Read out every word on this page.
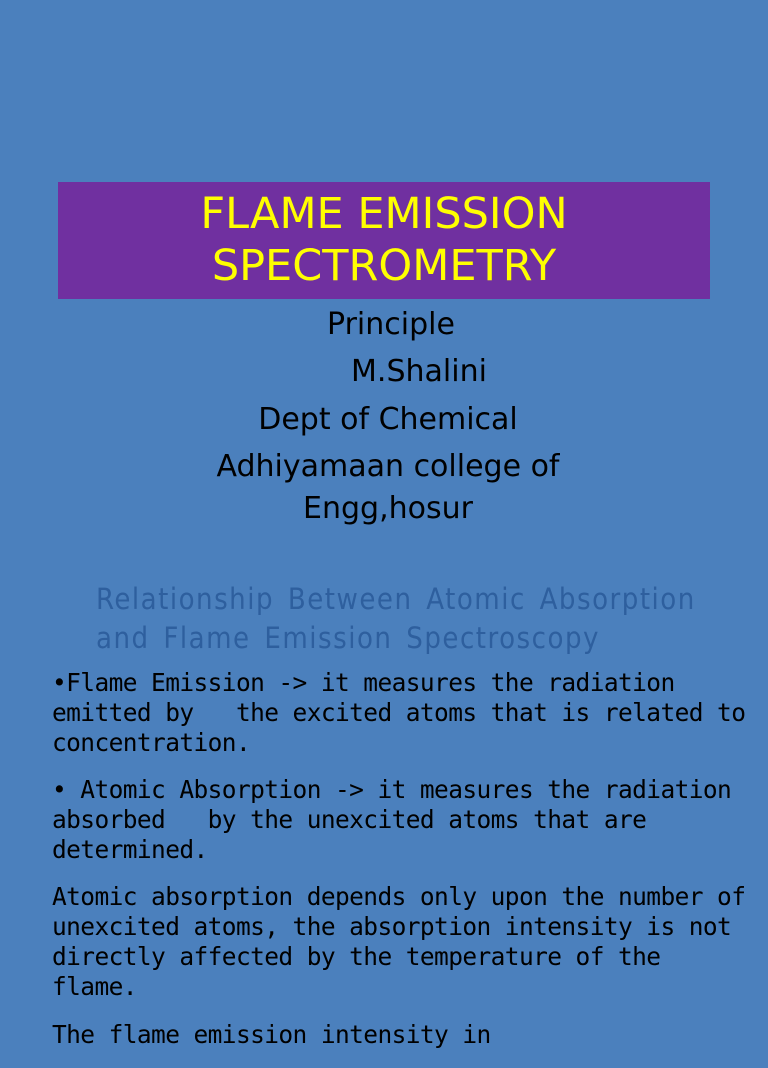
FLAME EMISSION
SPECTROMETRY
Principle
M.Shalini
Dept of Chemical
Adhiyamaan college of
Engg,hosur
Relationship Between Atomic Absorption and Flame Emission Spectroscopy

•Flame Emission -> it measures the radiation emitted by   the excited atoms that is related to concentration.

• Atomic Absorption -> it measures the radiation absorbed   by the unexcited atoms that are determined.

Atomic absorption depends only upon the number of unexcited atoms, the absorption intensity is not directly affected by the temperature of the flame.

The flame emission intensity in
